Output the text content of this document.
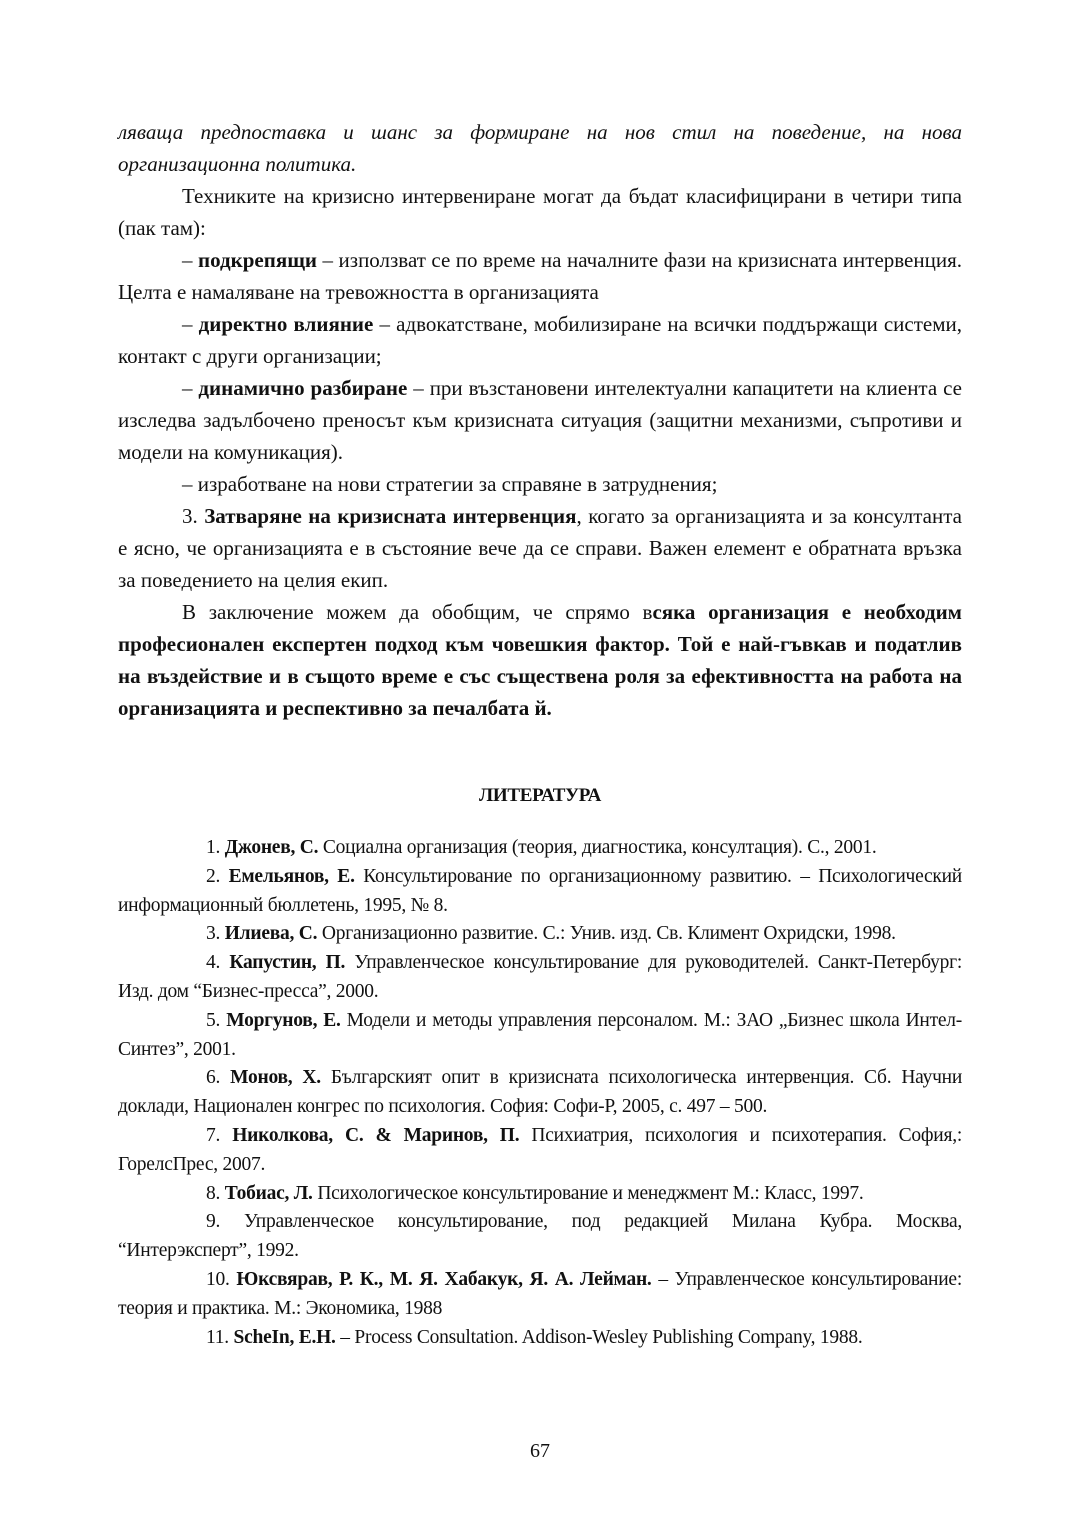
ляваща предпоставка и шанс за формиране на нов стил на поведение, на нова организационна политика.

Техниките на кризисно интервениране могат да бъдат класифицирани в четири типа (пак там):

– подкрепящи – използват се по време на началните фази на кризисната интервенция. Целта е намаляване на тревожността в организацията

– директно влияние – адвокатстване, мобилизиране на всички поддържащи системи, контакт с други организации;

– динамично разбиране – при възстановени интелектуални капацитети на клиента се изследва задълбочено преносът към кризисната ситуация (защитни механизми, съпротиви и модели на комуникация).

– изработване на нови стратегии за справяне в затруднения;

3. Затваряне на кризисната интервенция, когато за организацията и за консултанта е ясно, че организацията е в състояние вече да се справи. Важен елемент е обратната връзка за поведението на целия екип.

В заключение можем да обобщим, че спрямо всяка организация е необходим професионален експертен подход към човешкия фактор. Той е най-гъвкав и податлив на въздействие и в същото време е със съществена роля за ефективността на работа на организацията и респективно за печалбата й.

ЛИТЕРАТУРА

1. Джонев, С. Социална организация (теория, диагностика, консултация). С., 2001.

2. Емельянов, Е. Консультирование по организационному развитию. – Психологический информационный бюллетень, 1995, № 8.

3. Илиева, С. Организационно развитие. С.: Унив. изд. Св. Климент Охридски, 1998.

4. Капустин, П. Управленческое консультирование для руководителей. Санкт-Петербург: Изд. дом “Бизнес-пресса”, 2000.

5. Моргунов, Е. Модели и методы управления персоналом. М.: ЗАО „Бизнес школа Интел-Синтез”, 2001.

6. Монов, Х. Българският опит в кризисната психологическа интервенция. Сб. Научни доклади, Национален конгрес по психология. София: Софи-Р, 2005, с. 497 – 500.

7. Николкова, С. & Маринов, П. Психиатрия, психология и психотерапия. София,: ГорелсПрес, 2007.

8. Тобиас, Л. Психологическое консультирование и менеджмент М.: Класс, 1997.

9. Управленческое консультирование, под редакцией Милана Кубра. Москва, “Интерэксперт”, 1992.

10. Юксвярав, Р. К., М. Я. Хабакук, Я. А. Лейман. – Управленческое консультирование: теория и практика. М.: Экономика, 1988

11. ScheIn, E.H. – Process Consultation. Addison-Wesley Publishing Company, 1988.

67
